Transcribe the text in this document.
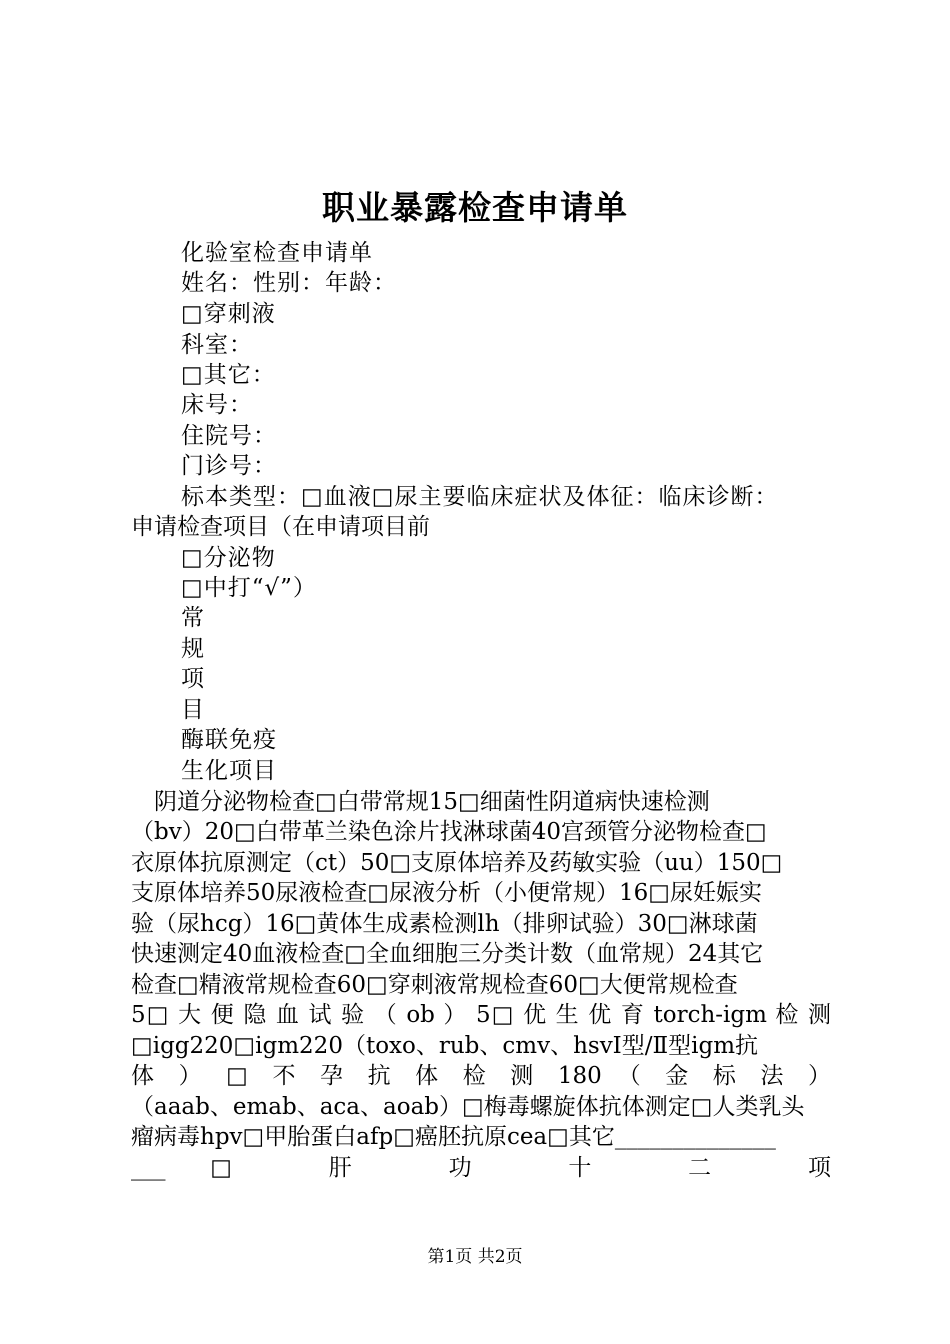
职业暴露检查申请单
化验室检查申请单
姓名：性别：年龄：
□穿刺液
科室：
□其它：
床号：
住院号：
门诊号：
标本类型：□血液□尿主要临床症状及体征：临床诊断：
申请检查项目（在申请项目前
□分泌物
□中打“√”）
常
规
项
目
酶联免疫
生化项目
　阴道分泌物检查□白带常规15□细菌性阴道病快速检测
（bv）20□白带革兰染色涂片找淋球菌40宫颈管分泌物检查□
衣原体抗原测定（ct）50□支原体培养及药敏实验（uu）150□
支原体培养50尿液检查□尿液分析（小便常规）16□尿妊娠实
验（尿hcg）16□黄体生成素检测lh（排卵试验）30□淋球菌
快速测定40血液检查□全血细胞三分类计数（血常规）24其它
检查□精液常规检查60□穿刺液常规检查60□大便常规检查
5□ 大 便 隐 血 试 验 （ ob ） 5□ 优 生 优 育 torch-igm 检 测
□igg220□igm220（toxo、rub、cmv、hsvⅠ型/Ⅱ型igm抗
体 ） □ 不 孕 抗 体 检 测 180 （ 金 标 法 ）
（aaab、emab、aca、aoab）□梅毒螺旋体抗体测定□人类乳头
瘤病毒hpv□甲胎蛋白afp□癌胚抗原cea□其它______________
___□ 肝 功 十 二 项
第1页 共2页
